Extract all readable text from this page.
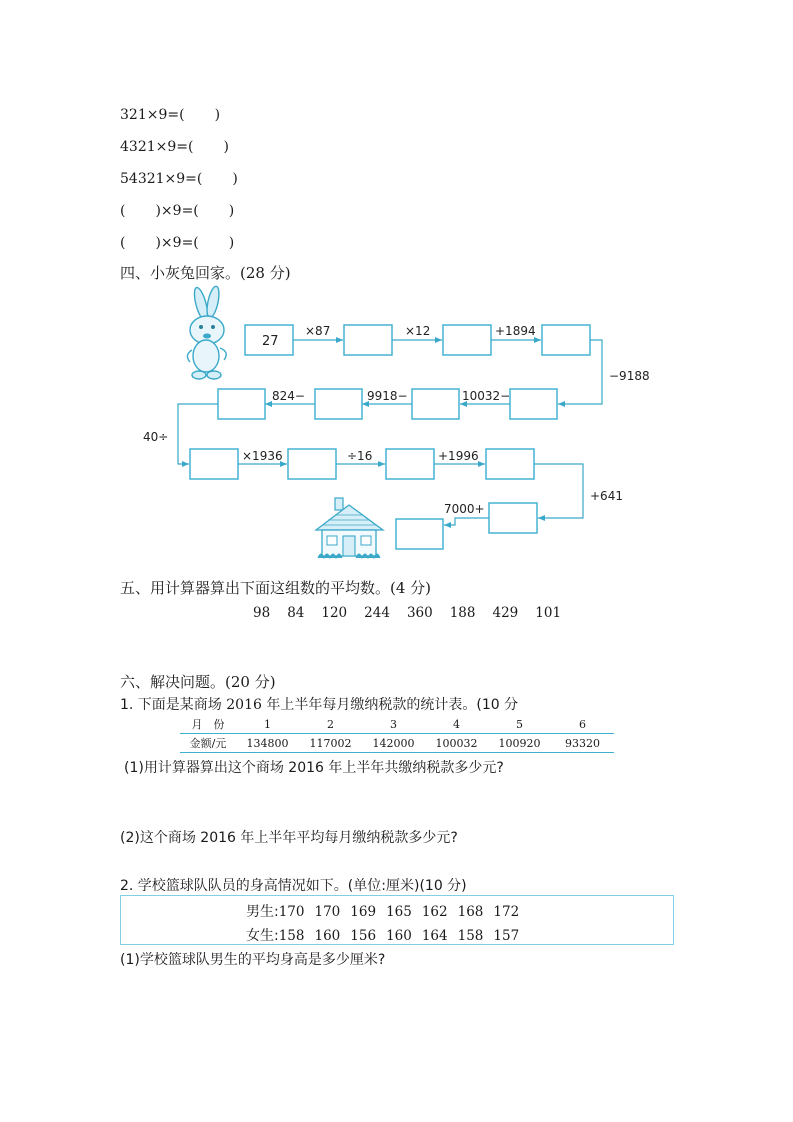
321×9=( )
4321×9=( )
54321×9=( )
( )×9=( )
( )×9=( )
四、小灰兔回家。(28 分)
27
×87	×12	+1894
−9188
10032−
9918−
824−
40÷
×1936	÷16	+1996
+641
7000+
五、用计算器算出下面这组数的平均数。(4 分)
98 84 120 244 360 188 429 101
六、解决问题。(20 分)
1. 下面是某商场 2016 年上半年每月缴纳税款的统计表。(10 分
月　份	1	2	3	4	5	6
金额/元	134800	117002	142000	100032	100920	93320
(1)用计算器算出这个商场 2016 年上半年共缴纳税款多少元?
(2)这个商场 2016 年上半年平均每月缴纳税款多少元?
2. 学校篮球队队员的身高情况如下。(单位:厘米)(10 分)
男生:170 170 169 165 162 168 172
女生:158 160 156 160 164 158 157
(1)学校篮球队男生的平均身高是多少厘米?
